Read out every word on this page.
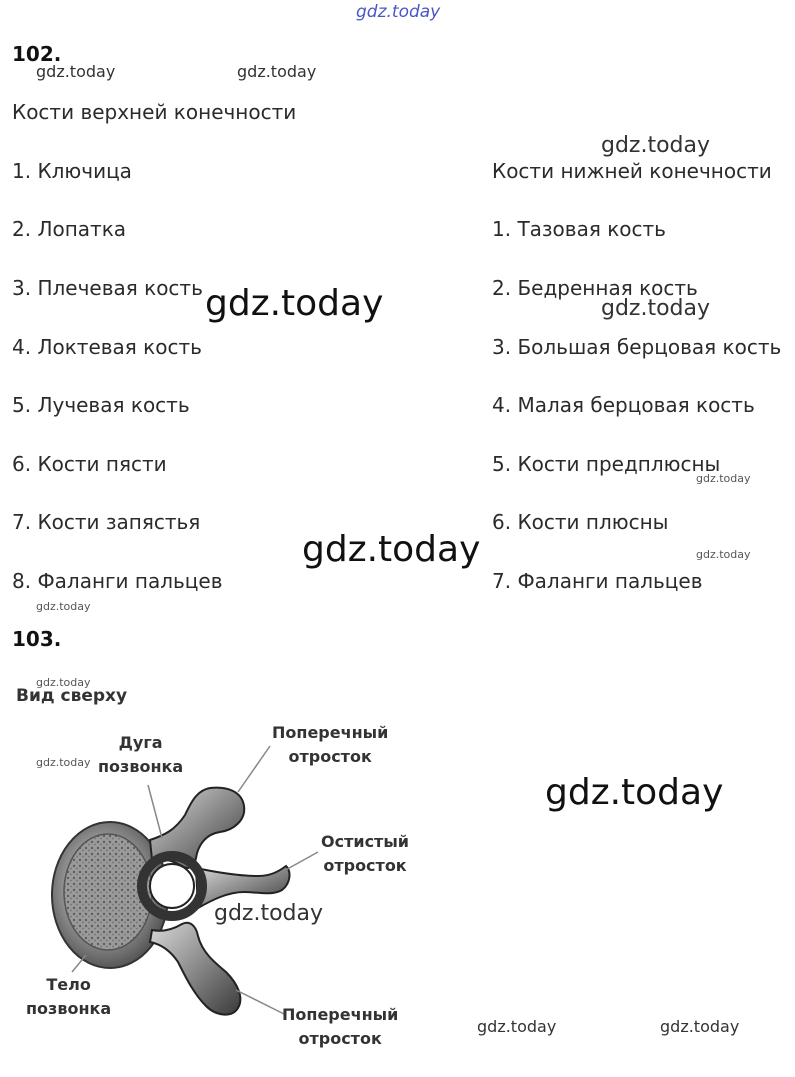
gdz.today
102.
gdz.today	gdz.today
Кости верхней конечности
gdz.today
Кости нижней конечности
1. Ключица
2. Лопатка
3. Плечевая кость
4. Локтевая кость
5. Лучевая кость
6. Кости пясти
7. Кости запястья
8. Фаланги пальцев
1. Тазовая кость
2. Бедренная кость
3. Большая берцовая кость
4. Малая берцовая кость
5. Кости предплюсны
6. Кости плюсны
7. Фаланги пальцев
gdz.today	gdz.today
gdz.today
gdz.today	gdz.today
gdz.today
103.
gdz.today
Вид сверху
gdz.today
Дуга
позвонка
Поперечный
отросток
Остистый
отросток
Тело
позвонка	Поперечный
отросток
gdz.today
gdz.today
gdz.today	gdz.today
